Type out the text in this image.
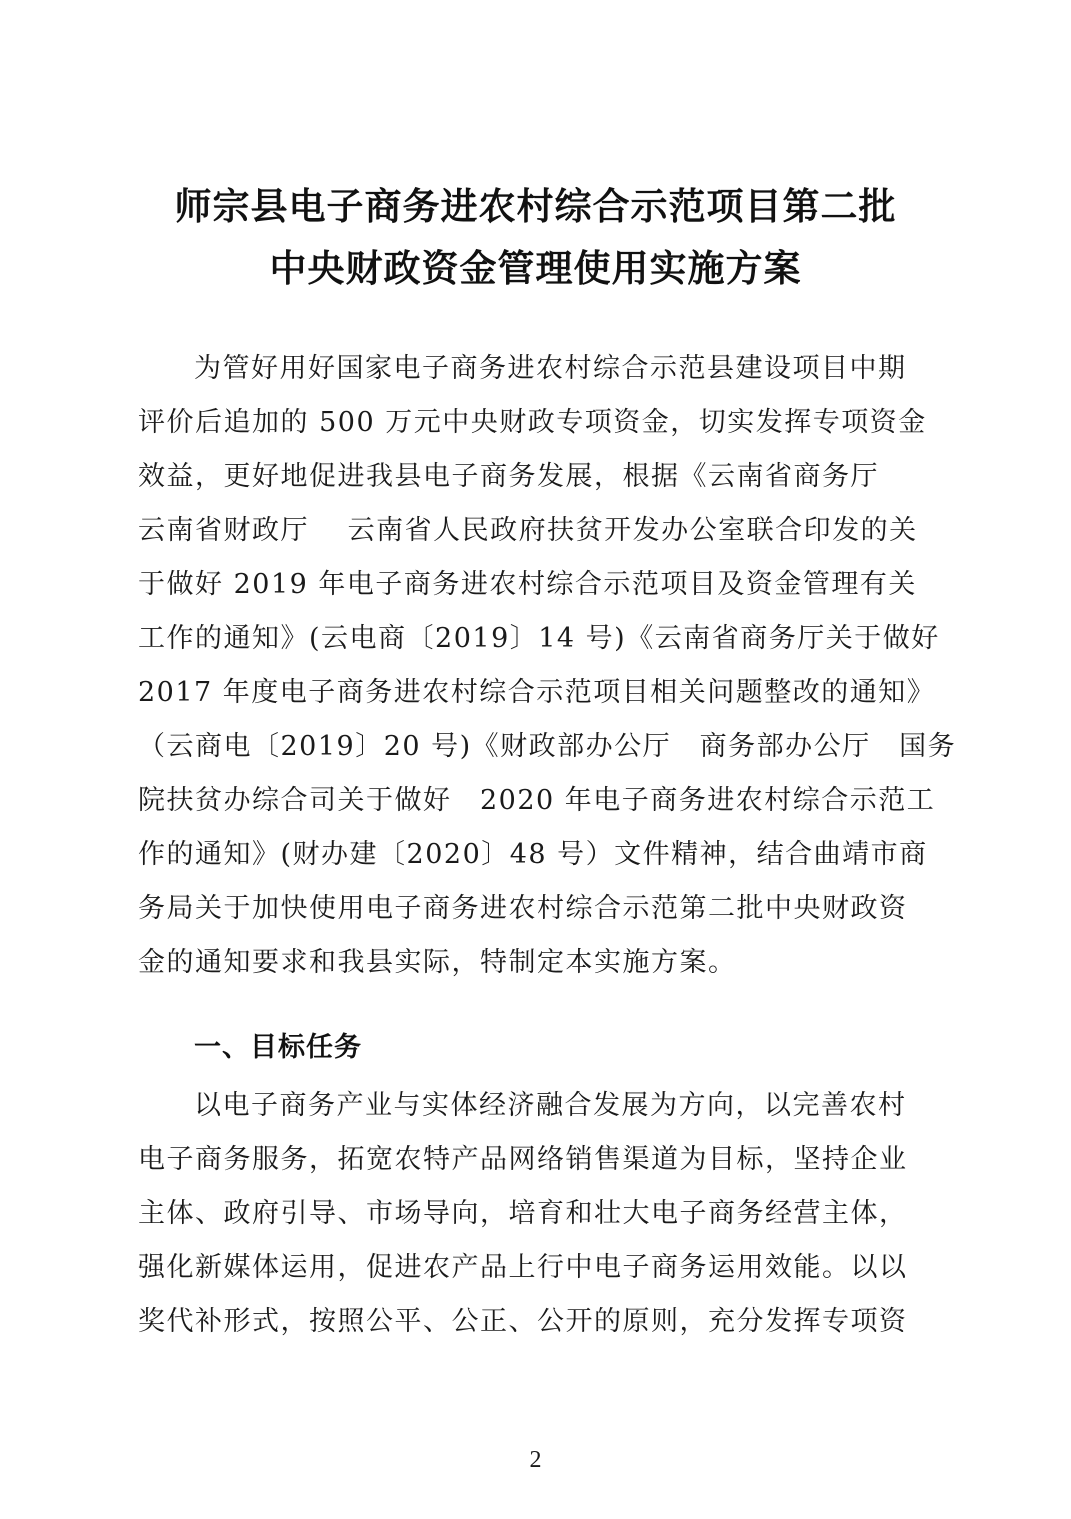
师宗县电子商务进农村综合示范项目第二批
中央财政资金管理使用实施方案
为管好用好国家电子商务进农村综合示范县建设项目中期
评价后追加的 500 万元中央财政专项资金，切实发挥专项资金
效益，更好地促进我县电子商务发展，根据《云南省商务厅
云南省财政厅　 云南省人民政府扶贫开发办公室联合印发的关
于做好 2019 年电子商务进农村综合示范项目及资金管理有关
工作的通知》(云电商〔2019〕14 号)《云南省商务厅关于做好
2017 年度电子商务进农村综合示范项目相关问题整改的通知》
（云商电〔2019〕20 号)《财政部办公厅　商务部办公厅　国务
院扶贫办综合司关于做好　2020 年电子商务进农村综合示范工
作的通知》(财办建〔2020〕48 号）文件精神，结合曲靖市商
务局关于加快使用电子商务进农村综合示范第二批中央财政资
金的通知要求和我县实际，特制定本实施方案。
一、目标任务
以电子商务产业与实体经济融合发展为方向，以完善农村
电子商务服务，拓宽农特产品网络销售渠道为目标，坚持企业
主体、政府引导、市场导向，培育和壮大电子商务经营主体，
强化新媒体运用，促进农产品上行中电子商务运用效能。以以
奖代补形式，按照公平、公正、公开的原则，充分发挥专项资
2
